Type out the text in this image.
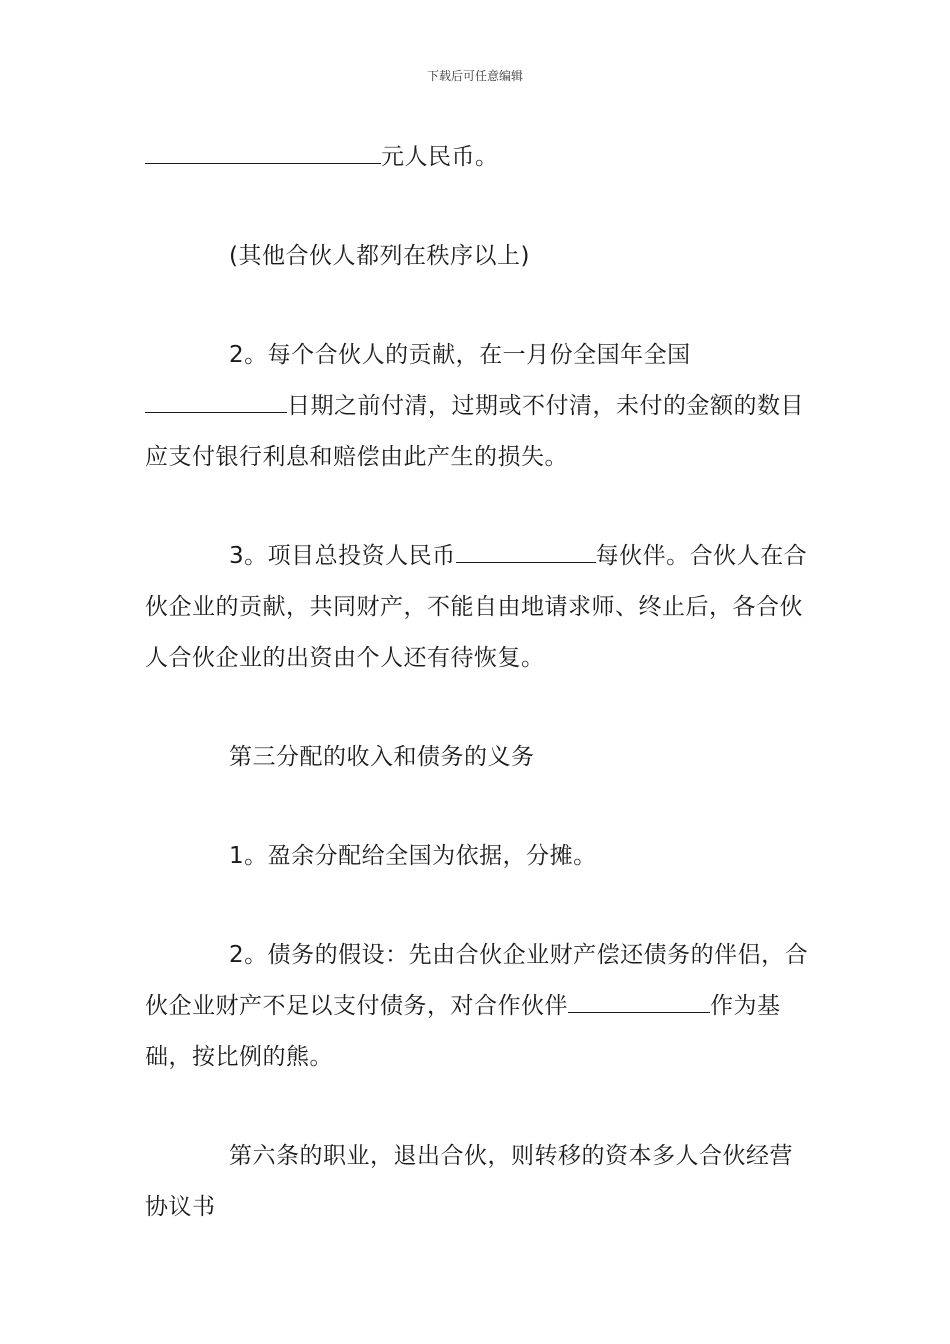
下载后可任意编辑

元人民币。

(其他合伙人都列在秩序以上)

2。每个合伙人的贡献，在一月份全国年全国日期之前付清，过期或不付清，未付的金额的数目应支付银行利息和赔偿由此产生的损失。

3。项目总投资人民币	每伙伴。合伙人在合伙企业的贡献，共同财产，不能自由地请求师、终止后，各合伙人合伙企业的出资由个人还有待恢复。

第三分配的收入和债务的义务

1。盈余分配给全国为依据，分摊。

2。债务的假设：先由合伙企业财产偿还债务的伴侣，合伙企业财产不足以支付债务，对合作伙伴	作为基础，按比例的熊。

第六条的职业，退出合伙，则转移的资本多人合伙经营协议书
